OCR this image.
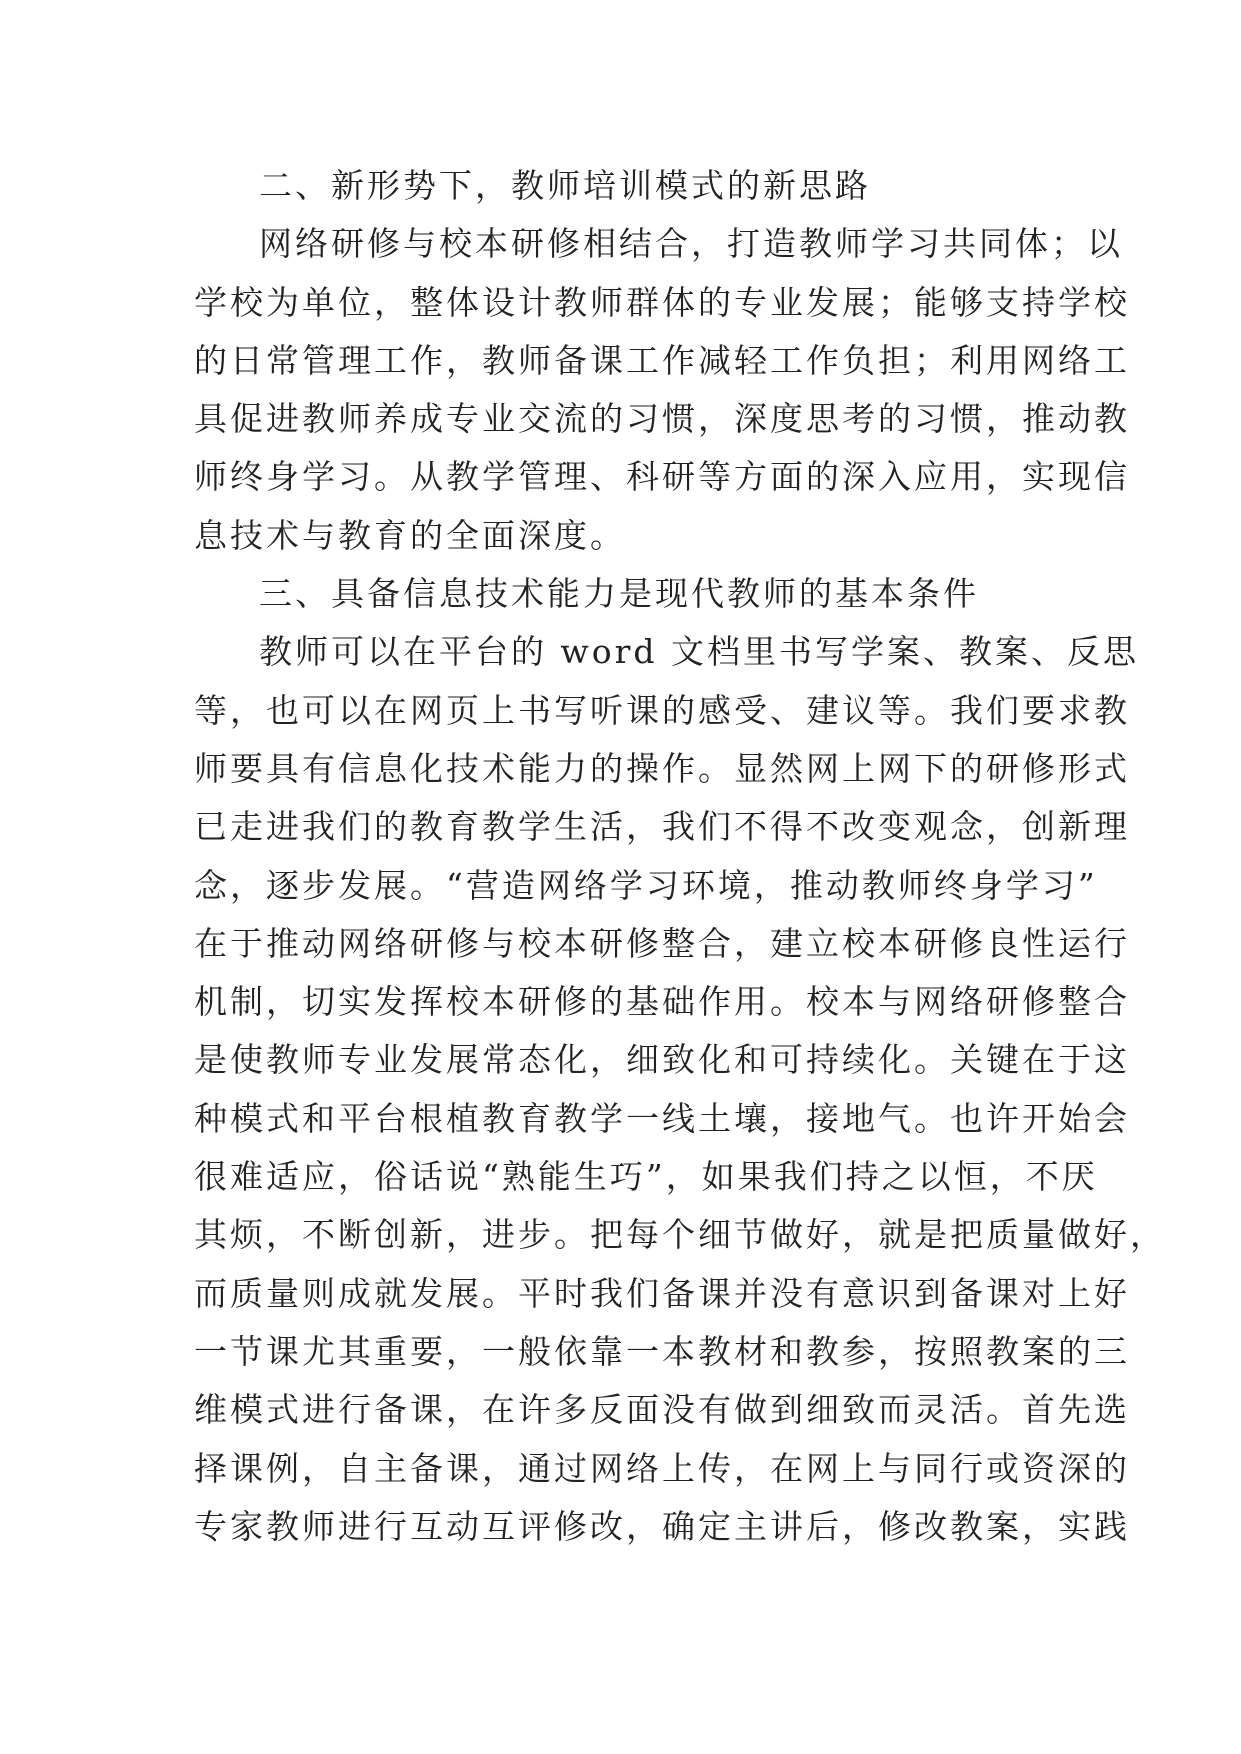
二、新形势下，教师培训模式的新思路
网络研修与校本研修相结合，打造教师学习共同体；以
学校为单位，整体设计教师群体的专业发展；能够支持学校
的日常管理工作，教师备课工作减轻工作负担；利用网络工
具促进教师养成专业交流的习惯，深度思考的习惯，推动教
师终身学习。从教学管理、科研等方面的深入应用，实现信
息技术与教育的全面深度。
三、具备信息技术能力是现代教师的基本条件
教师可以在平台的 word 文档里书写学案、教案、反思
等，也可以在网页上书写听课的感受、建议等。我们要求教
师要具有信息化技术能力的操作。显然网上网下的研修形式
已走进我们的教育教学生活，我们不得不改变观念，创新理
念，逐步发展。“营造网络学习环境，推动教师终身学习”
在于推动网络研修与校本研修整合，建立校本研修良性运行
机制，切实发挥校本研修的基础作用。校本与网络研修整合
是使教师专业发展常态化，细致化和可持续化。关键在于这
种模式和平台根植教育教学一线土壤，接地气。也许开始会
很难适应，俗话说“熟能生巧”，如果我们持之以恒，不厌
其烦，不断创新，进步。把每个细节做好，就是把质量做好，
而质量则成就发展。平时我们备课并没有意识到备课对上好
一节课尤其重要，一般依靠一本教材和教参，按照教案的三
维模式进行备课，在许多反面没有做到细致而灵活。首先选
择课例，自主备课，通过网络上传，在网上与同行或资深的
专家教师进行互动互评修改，确定主讲后，修改教案，实践
